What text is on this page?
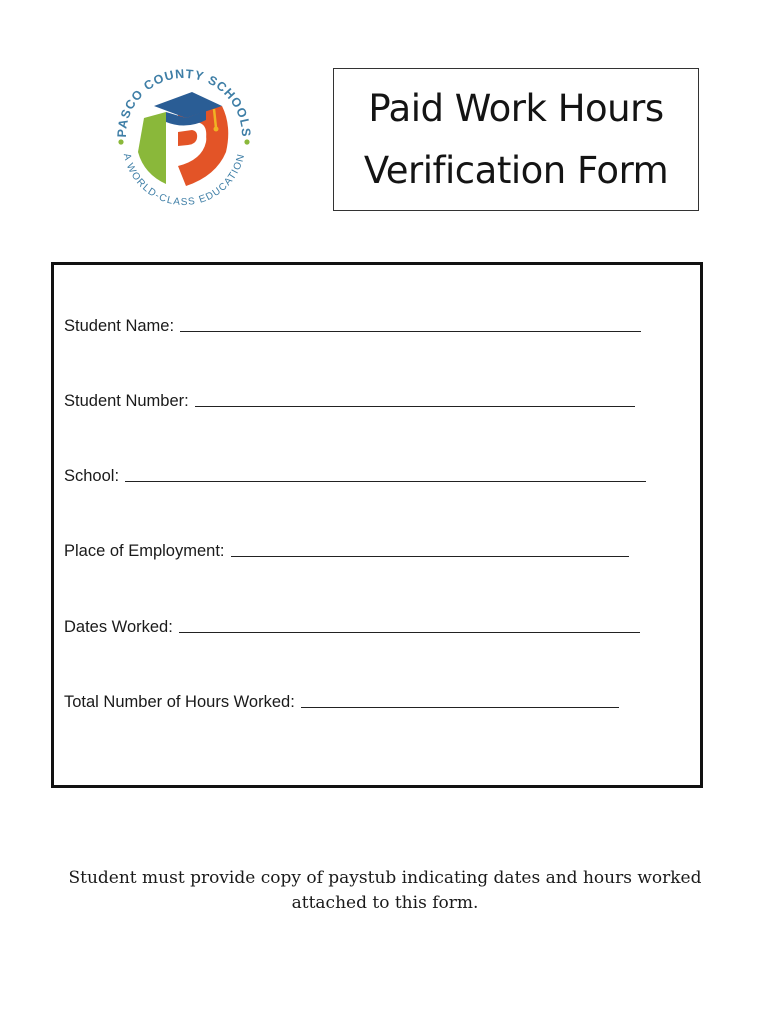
PASCO COUNTY SCHOOLS
A WORLD-CLASS EDUCATION
Paid Work Hours
Verification Form
Student Name:
Student Number:
School:
Place of Employment:
Dates Worked:
Total Number of Hours Worked:
Student must provide copy of paystub indicating dates and hours worked attached to this form.
